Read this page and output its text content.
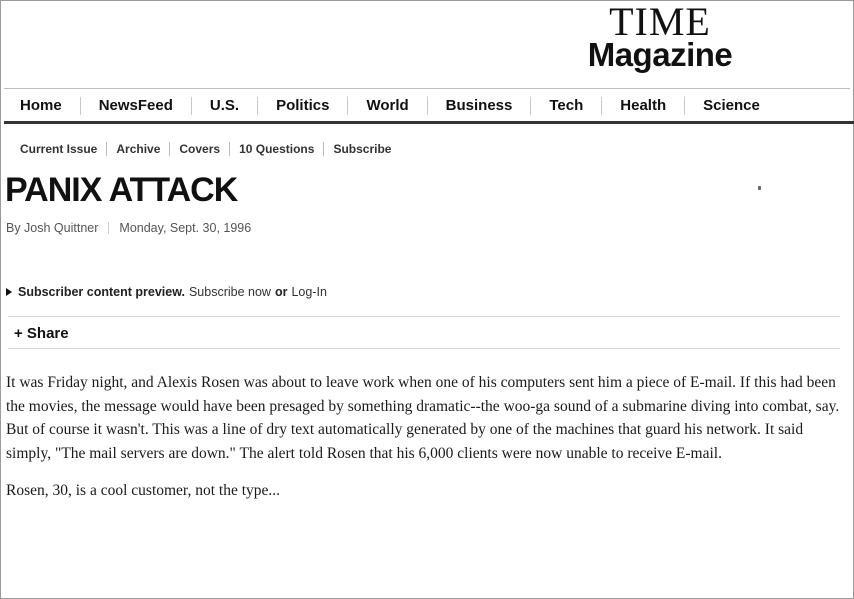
TIME
Magazine
Home	NewsFeed	U.S.	Politics	World	Business	Tech	Health	Science
Current Issue	Archive	Covers	10 Questions	Subscribe
PANIX ATTACK
By Josh Quittner Monday, Sept. 30, 1996
Subscriber content preview. Subscribe now or Log-In
+ Share

It was Friday night, and Alexis Rosen was about to leave work when one of his computers sent him a piece of E-mail. If this had been the movies, the message would have been presaged by something dramatic--the woo-ga sound of a submarine diving into combat, say. But of course it wasn't. This was a line of dry text automatically generated by one of the machines that guard his network. It said simply, "The mail servers are down." The alert told Rosen that his 6,000 clients were now unable to receive E-mail.

Rosen, 30, is a cool customer, not the type...
